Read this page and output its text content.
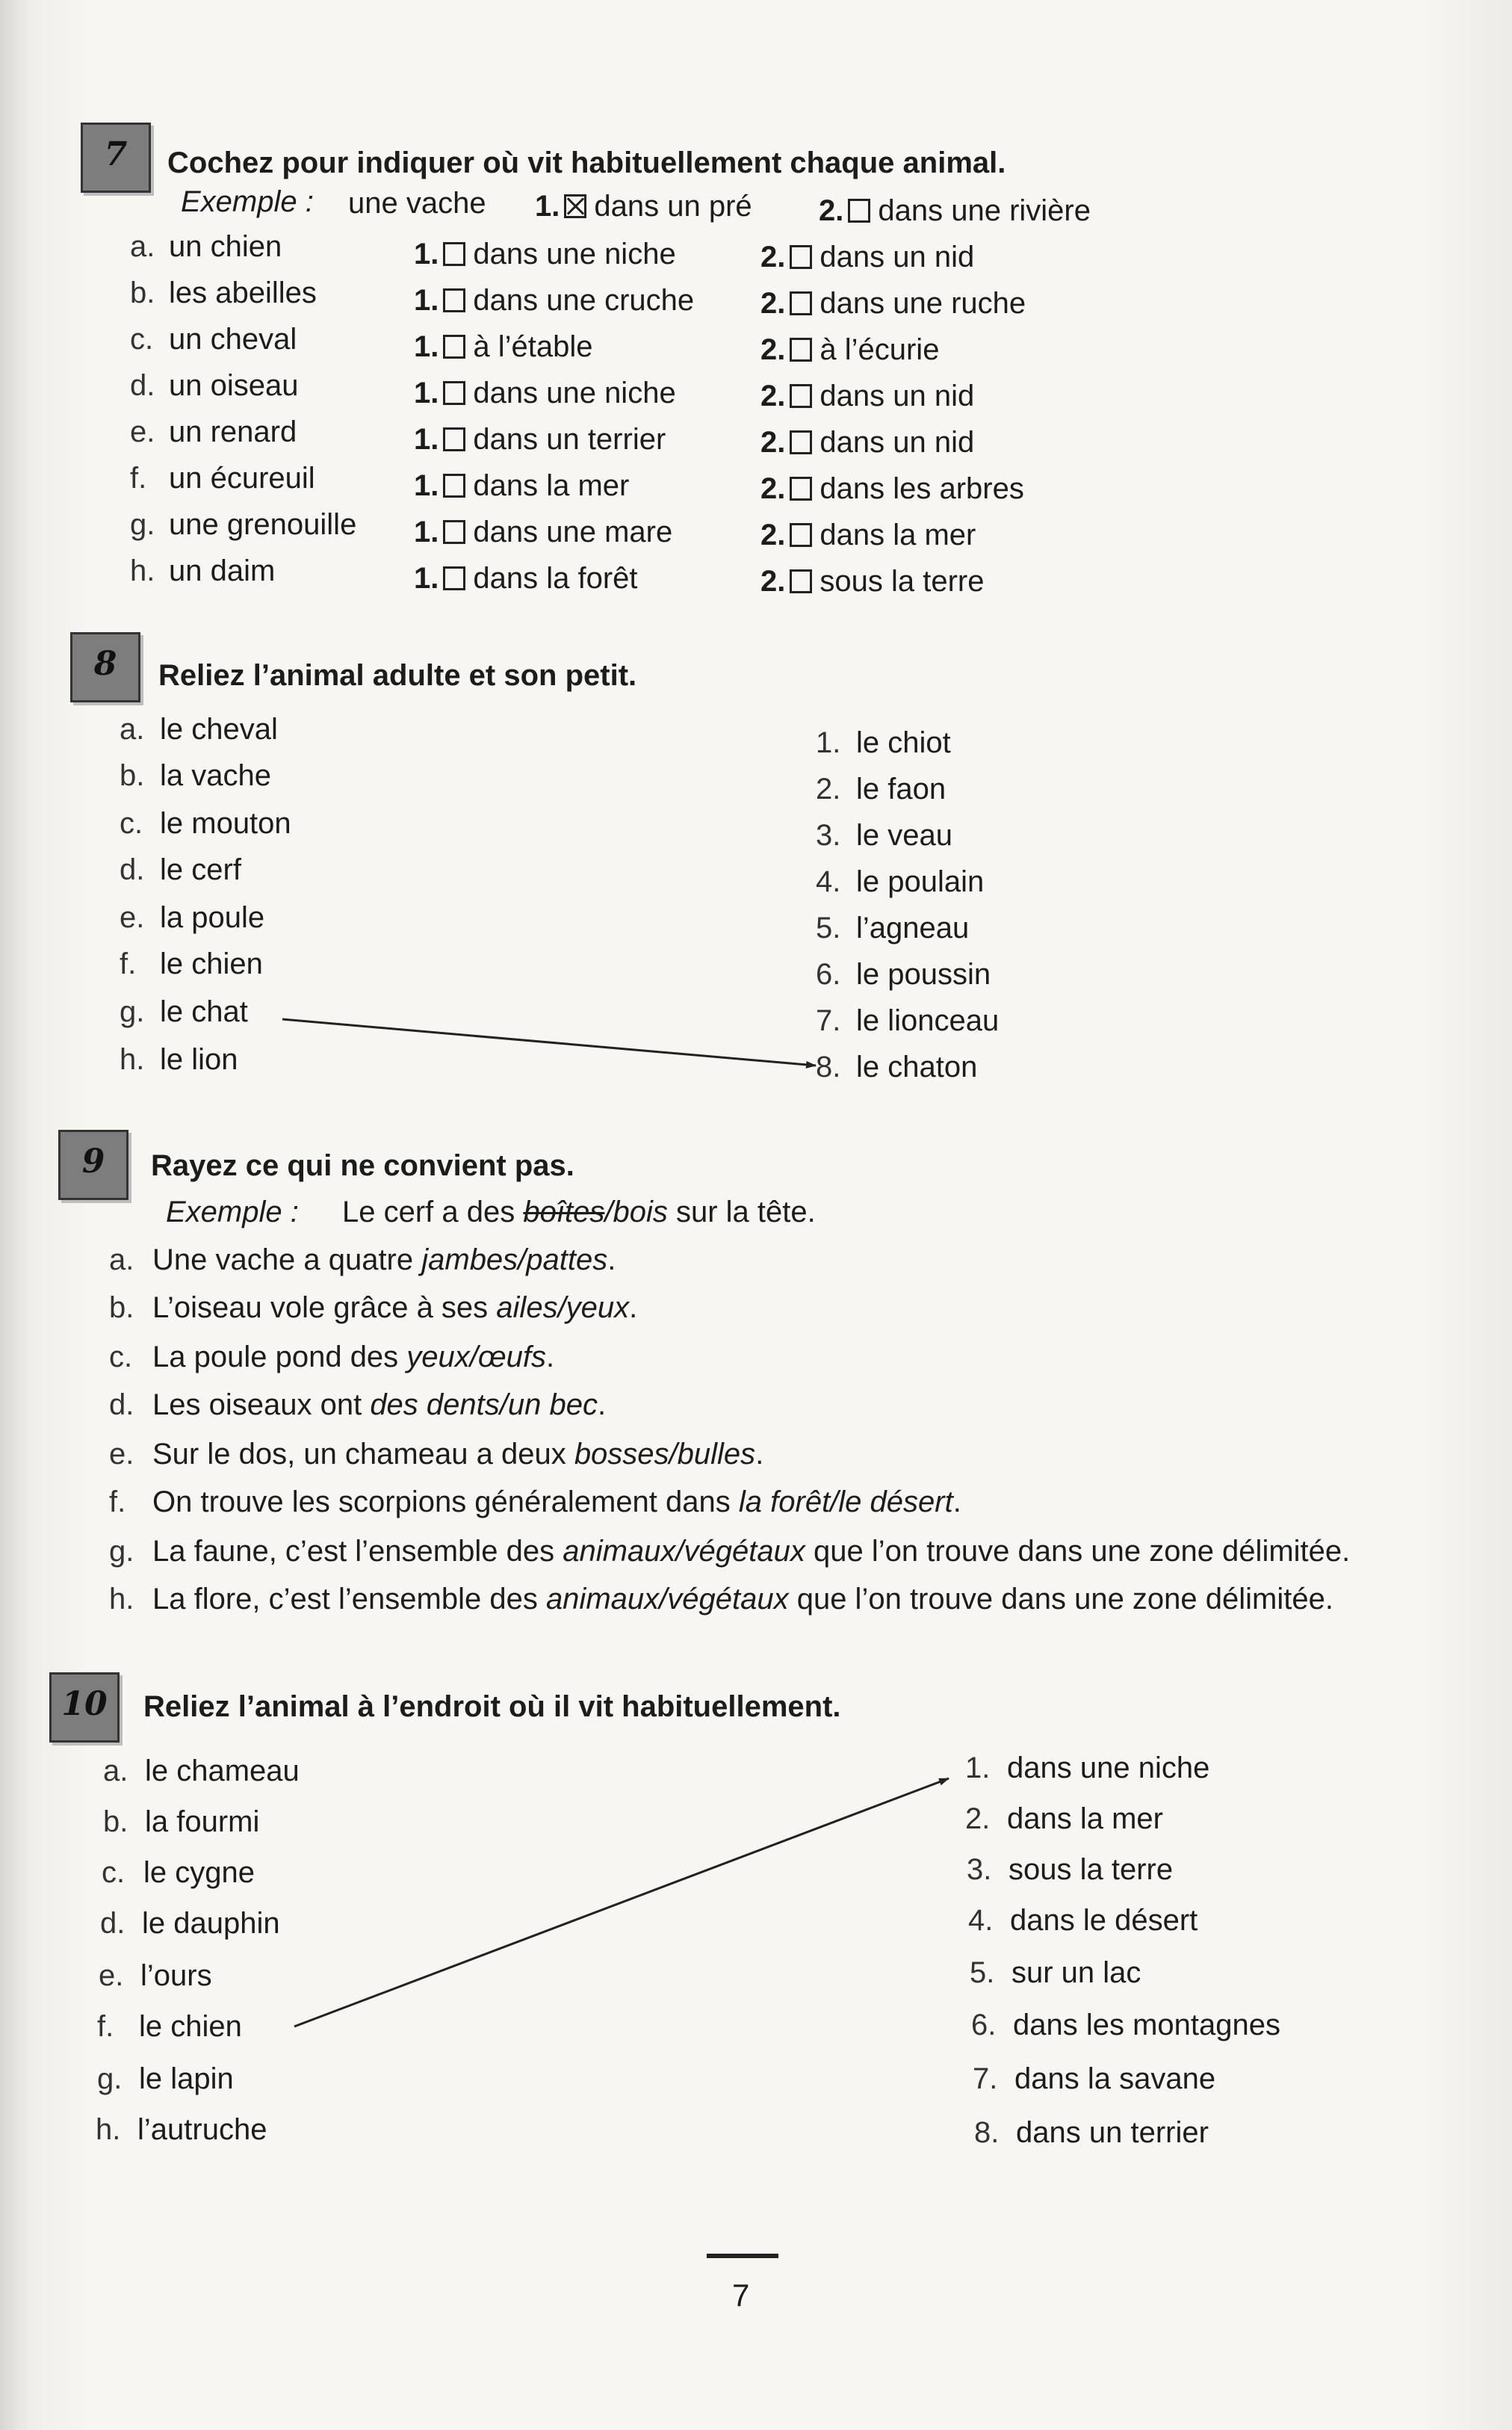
7	Cochez pour indiquer où vit habituellement chaque animal.
Exemple : une vache 1. dans un pré 2. dans une rivière
a. un chien	1. dans une niche	2. dans un nid
b. les abeilles	1. dans une cruche 2. dans une ruche
c. un cheval	1. à l’étable	2. à l’écurie
d. un oiseau	1. dans une niche	2. dans un nid
e. un renard	1. dans un terrier	2. dans un nid
f. un écureuil	1. dans la mer	2. dans les arbres
g. une grenouille 1. dans une mare	2. dans la mer
h. un daim	1. dans la forêt	2. sous la terre
8	Reliez l’animal adulte et son petit.
a. le cheval
b. la vache
c. le mouton
d. le cerf
e. la poule
f. le chien
g. le chat
h. le lion
1. le chiot
2. le faon
3. le veau
4. le poulain
5. l’agneau
6. le poussin
7. le lionceau
8. le chaton
9	Rayez ce qui ne convient pas.
Exemple : Le cerf a des boîtes/bois sur la tête.
a. Une vache a quatre jambes/pattes.
b. L’oiseau vole grâce à ses ailes/yeux.
c. La poule pond des yeux/œufs.
d. Les oiseaux ont des dents/un bec.
e. Sur le dos, un chameau a deux bosses/bulles.
f. On trouve les scorpions généralement dans la forêt/le désert.
g. La faune, c’est l’ensemble des animaux/végétaux que l’on trouve dans une zone délimitée.
h. La flore, c’est l’ensemble des animaux/végétaux que l’on trouve dans une zone délimitée.
10	Reliez l’animal à l’endroit où il vit habituellement.
a. le chameau
b. la fourmi
c. le cygne
d. le dauphin
e. l’ours
f. le chien
g. le lapin
h. l’autruche
1. dans une niche
2. dans la mer
3. sous la terre
4. dans le désert
5. sur un lac
6. dans les montagnes
7. dans la savane
8. dans un terrier
7
